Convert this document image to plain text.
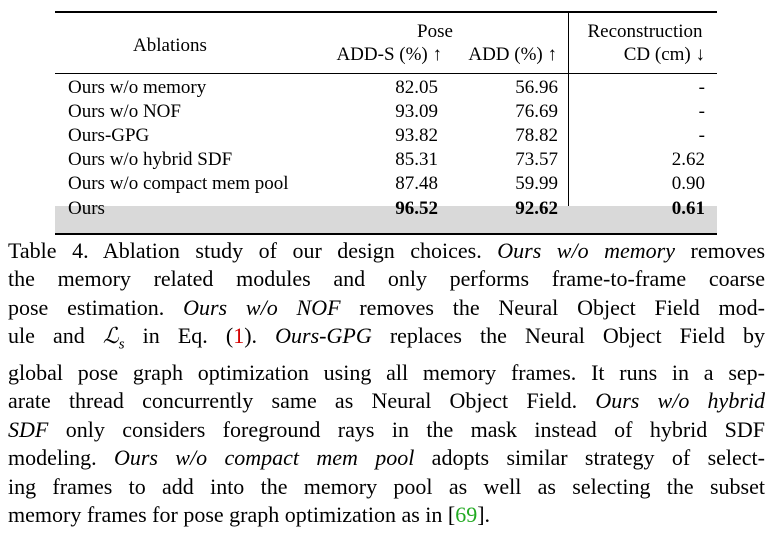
Ablations
Pose	Reconstruction
ADD-S (%) ↑	ADD (%) ↑	CD (cm) ↓
Ours w/o memory	82.05	56.96	-
Ours w/o NOF	93.09	76.69	-
Ours-GPG	93.82	78.82	-
Ours w/o hybrid SDF	85.31	73.57	2.62
Ours w/o compact mem pool	87.48	59.99	0.90
Ours	96.52	92.62	0.61
Table 4. Ablation study of our design choices. Ours w/o memory removes
the memory related modules and only performs frame-to-frame coarse
pose estimation. Ours w/o NOF removes the Neural Object Field mod-
ule and ℒ$_s$ in Eq. (1). Ours-GPG replaces the Neural Object Field by
global pose graph optimization using all memory frames. It runs in a sep-
arate thread concurrently same as Neural Object Field. Ours w/o hybrid
SDF only considers foreground rays in the mask instead of hybrid SDF
modeling. Ours w/o compact mem pool adopts similar strategy of select-
ing frames to add into the memory pool as well as selecting the subset
memory frames for pose graph optimization as in [69].
